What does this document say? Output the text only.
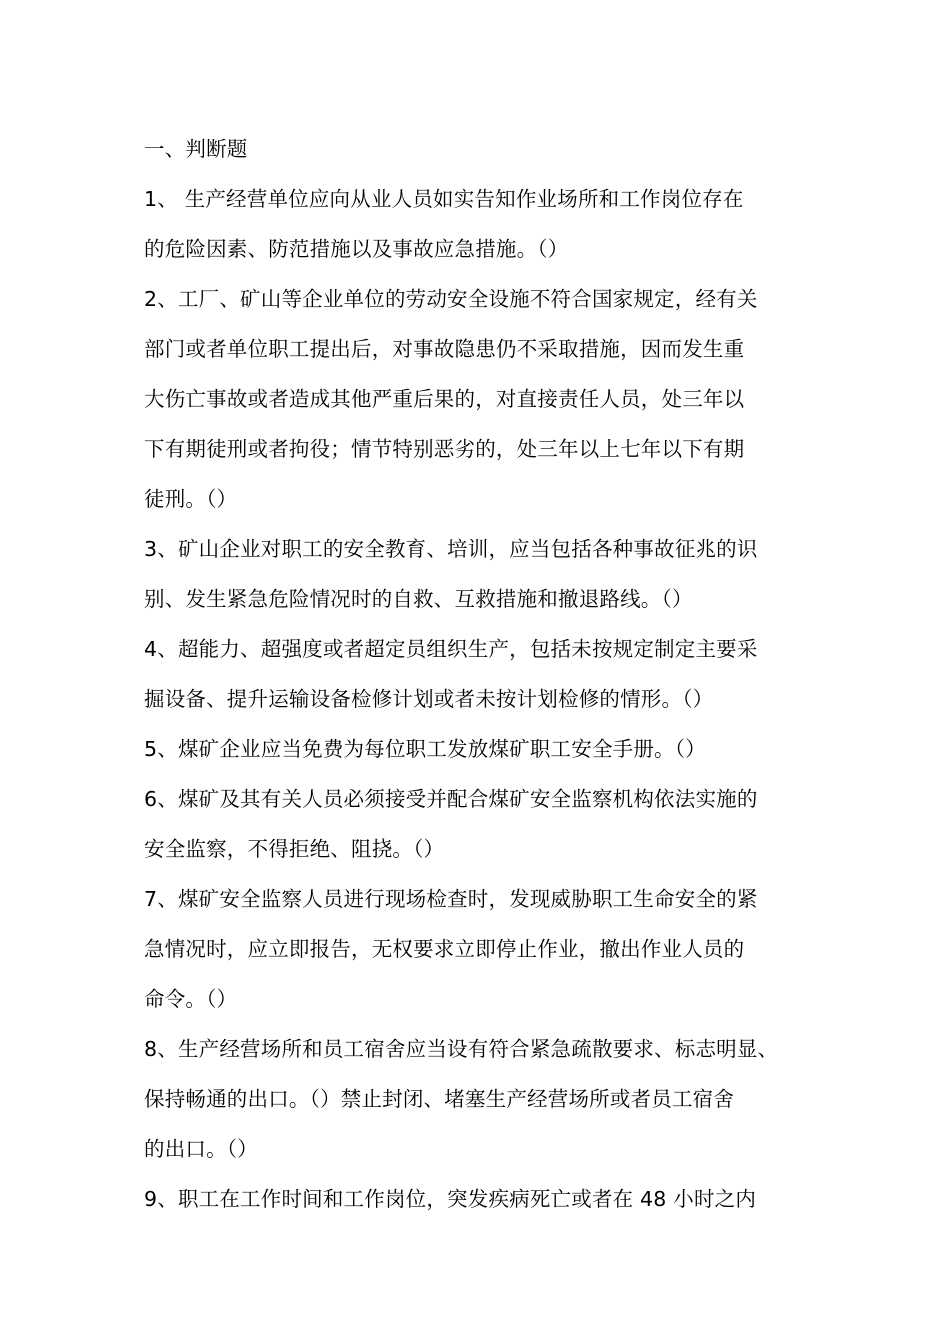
一、判断题
1、 生产经营单位应向从业人员如实告知作业场所和工作岗位存在
的危险因素、防范措施以及事故应急措施。（）
2、工厂、矿山等企业单位的劳动安全设施不符合国家规定，经有关
部门或者单位职工提出后，对事故隐患仍不采取措施，因而发生重
大伤亡事故或者造成其他严重后果的，对直接责任人员，处三年以
下有期徒刑或者拘役；情节特别恶劣的，处三年以上七年以下有期
徒刑。（）
3、矿山企业对职工的安全教育、培训，应当包括各种事故征兆的识
别、发生紧急危险情况时的自救、互救措施和撤退路线。（）
4、超能力、超强度或者超定员组织生产，包括未按规定制定主要采
掘设备、提升运输设备检修计划或者未按计划检修的情形。（）
5、煤矿企业应当免费为每位职工发放煤矿职工安全手册。（）
6、煤矿及其有关人员必须接受并配合煤矿安全监察机构依法实施的
安全监察，不得拒绝、阻挠。（）
7、煤矿安全监察人员进行现场检查时，发现威胁职工生命安全的紧
急情况时，应立即报告，无权要求立即停止作业，撤出作业人员的
命令。（）
8、生产经营场所和员工宿舍应当设有符合紧急疏散要求、标志明显、
保持畅通的出口。（）禁止封闭、堵塞生产经营场所或者员工宿舍
的出口。（）
9、职工在工作时间和工作岗位，突发疾病死亡或者在 48 小时之内
